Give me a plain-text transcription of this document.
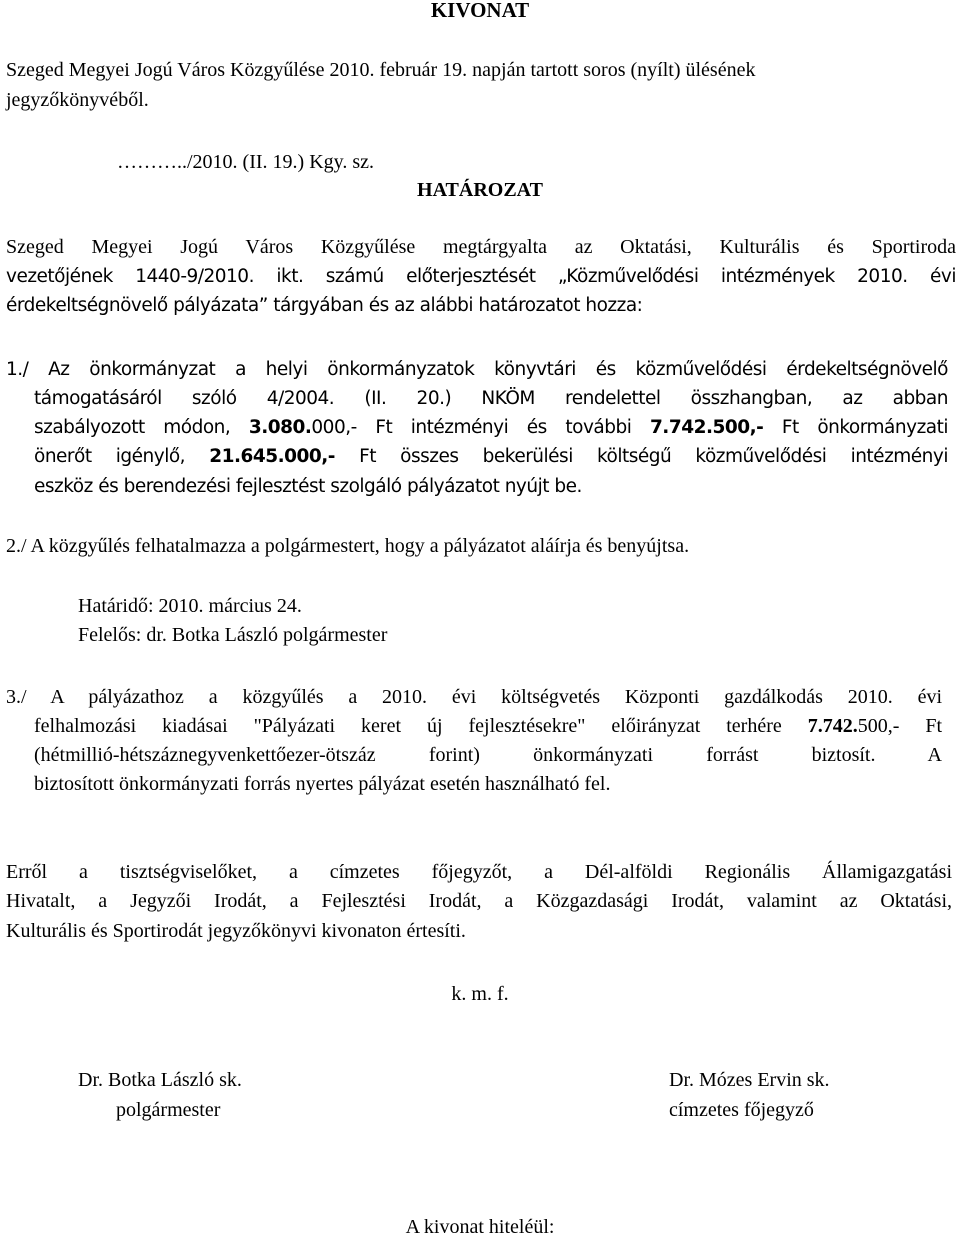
KIVONAT
Szeged Megyei Jogú Város Közgyűlése 2010. február 19. napján tartott soros (nyílt) ülésének
jegyzőkönyvéből.
………../2010. (II. 19.) Kgy. sz.
HATÁROZAT
Szeged Megyei Jogú Város Közgyűlése megtárgyalta az Oktatási, Kulturális és Sportiroda
vezetőjének 1440-9/2010. ikt. számú előterjesztését „Közművelődési intézmények 2010. évi
érdekeltségnövelő pályázata” tárgyában és az alábbi határozatot hozza:
1./ Az önkormányzat a helyi önkormányzatok könyvtári és közművelődési érdekeltségnövelő
támogatásáról szóló 4/2004. (II. 20.) NKÖM rendelettel összhangban, az abban
szabályozott módon, 3.080.000,- Ft intézményi és további 7.742.500,- Ft önkormányzati
önerőt igénylő, 21.645.000,- Ft összes bekerülési költségű közművelődési intézményi
eszköz és berendezési fejlesztést szolgáló pályázatot nyújt be.
2./ A közgyűlés felhatalmazza a polgármestert, hogy a pályázatot aláírja és benyújtsa.
Határidő: 2010. március 24.
Felelős: dr. Botka László polgármester
3./ A pályázathoz a közgyűlés a 2010. évi költségvetés Központi gazdálkodás 2010. évi
felhalmozási kiadásai "Pályázati keret új fejlesztésekre" előirányzat terhére 7.742.500,- Ft
(hétmillió-hétszáznegyvenkettőezer-ötszáz forint) önkormányzati forrást biztosít. A
biztosított önkormányzati forrás nyertes pályázat esetén használható fel.
Erről a tisztségviselőket, a címzetes főjegyzőt, a Dél-alföldi Regionális Államigazgatási
Hivatalt, a Jegyzői Irodát, a Fejlesztési Irodát, a Közgazdasági Irodát, valamint az Oktatási,
Kulturális és Sportirodát jegyzőkönyvi kivonaton értesíti.
k. m. f.
Dr. Botka László sk.
polgármester
Dr. Mózes Ervin sk.
címzetes főjegyző
A kivonat hiteléül:
